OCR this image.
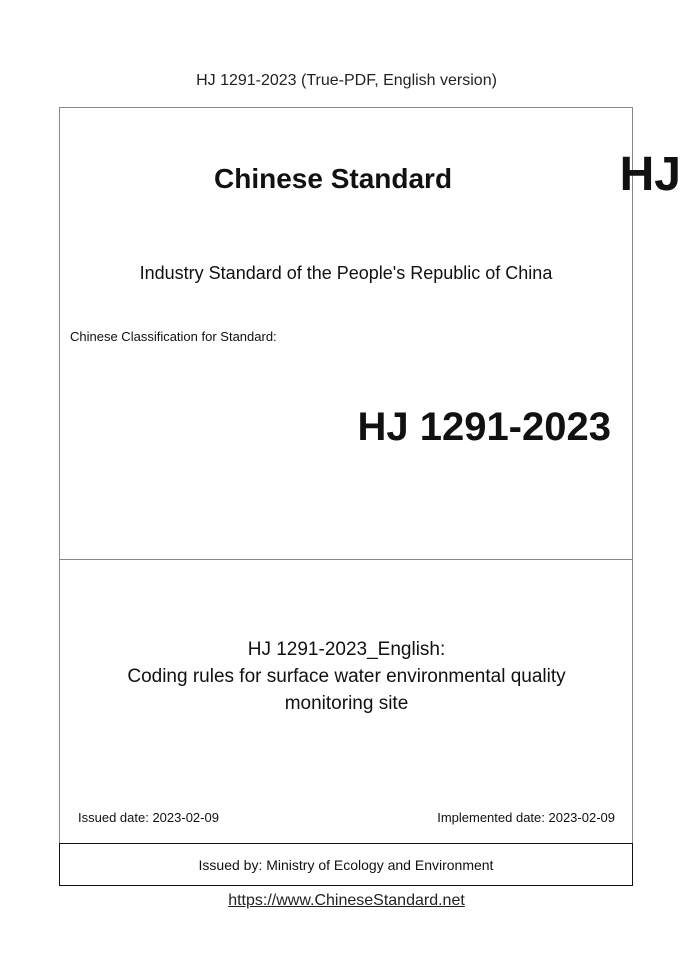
HJ 1291-2023 (True-PDF, English version)
Chinese Standard	HJ
Industry Standard of the People's Republic of China
Chinese Classification for Standard:
HJ 1291-2023
HJ 1291-2023_English:
Coding rules for surface water environmental quality
monitoring site
Issued date: 2023-02-09	Implemented date: 2023-02-09
Issued by: Ministry of Ecology and Environment
https://www.ChineseStandard.net
